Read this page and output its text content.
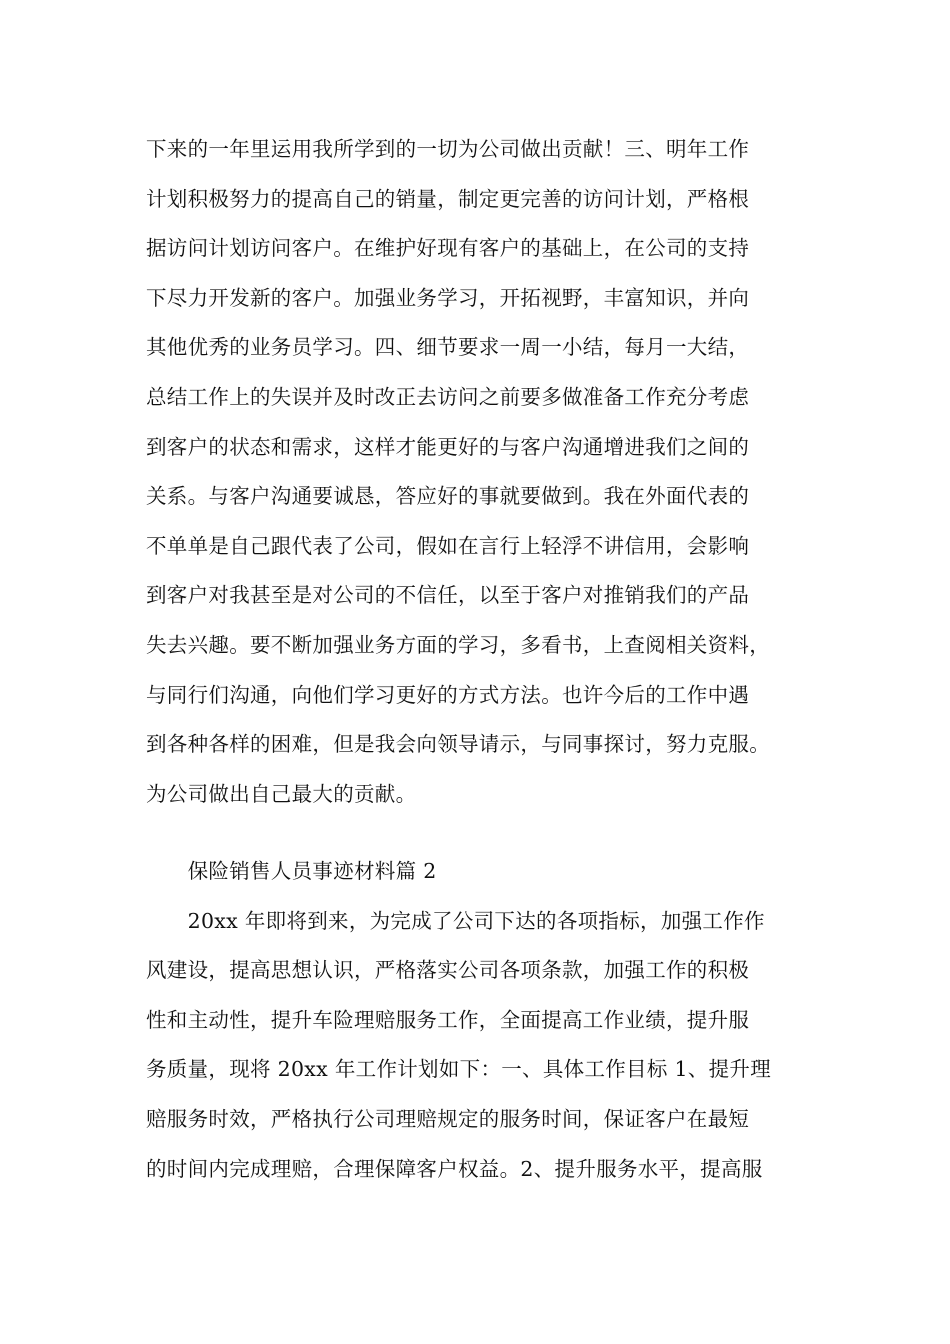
下来的一年里运用我所学到的一切为公司做出贡献！三、明年工作
计划积极努力的提高自己的销量，制定更完善的访问计划，严格根
据访问计划访问客户。在维护好现有客户的基础上，在公司的支持
下尽力开发新的客户。加强业务学习，开拓视野，丰富知识，并向
其他优秀的业务员学习。四、细节要求一周一小结，每月一大结，
总结工作上的失误并及时改正去访问之前要多做准备工作充分考虑
到客户的状态和需求，这样才能更好的与客户沟通增进我们之间的
关系。与客户沟通要诚恳，答应好的事就要做到。我在外面代表的
不单单是自己跟代表了公司，假如在言行上轻浮不讲信用，会影响
到客户对我甚至是对公司的不信任，以至于客户对推销我们的产品
失去兴趣。要不断加强业务方面的学习，多看书，上查阅相关资料，
与同行们沟通，向他们学习更好的方式方法。也许今后的工作中遇
到各种各样的困难，但是我会向领导请示，与同事探讨，努力克服。
为公司做出自己最大的贡献。
　　保险销售人员事迹材料篇 2
　　20xx 年即将到来，为完成了公司下达的各项指标，加强工作作
风建设，提高思想认识，严格落实公司各项条款，加强工作的积极
性和主动性，提升车险理赔服务工作，全面提高工作业绩，提升服
务质量，现将 20xx 年工作计划如下：一、具体工作目标 1、提升理
赔服务时效，严格执行公司理赔规定的服务时间，保证客户在最短
的时间内完成理赔，合理保障客户权益。2、提升服务水平，提高服
